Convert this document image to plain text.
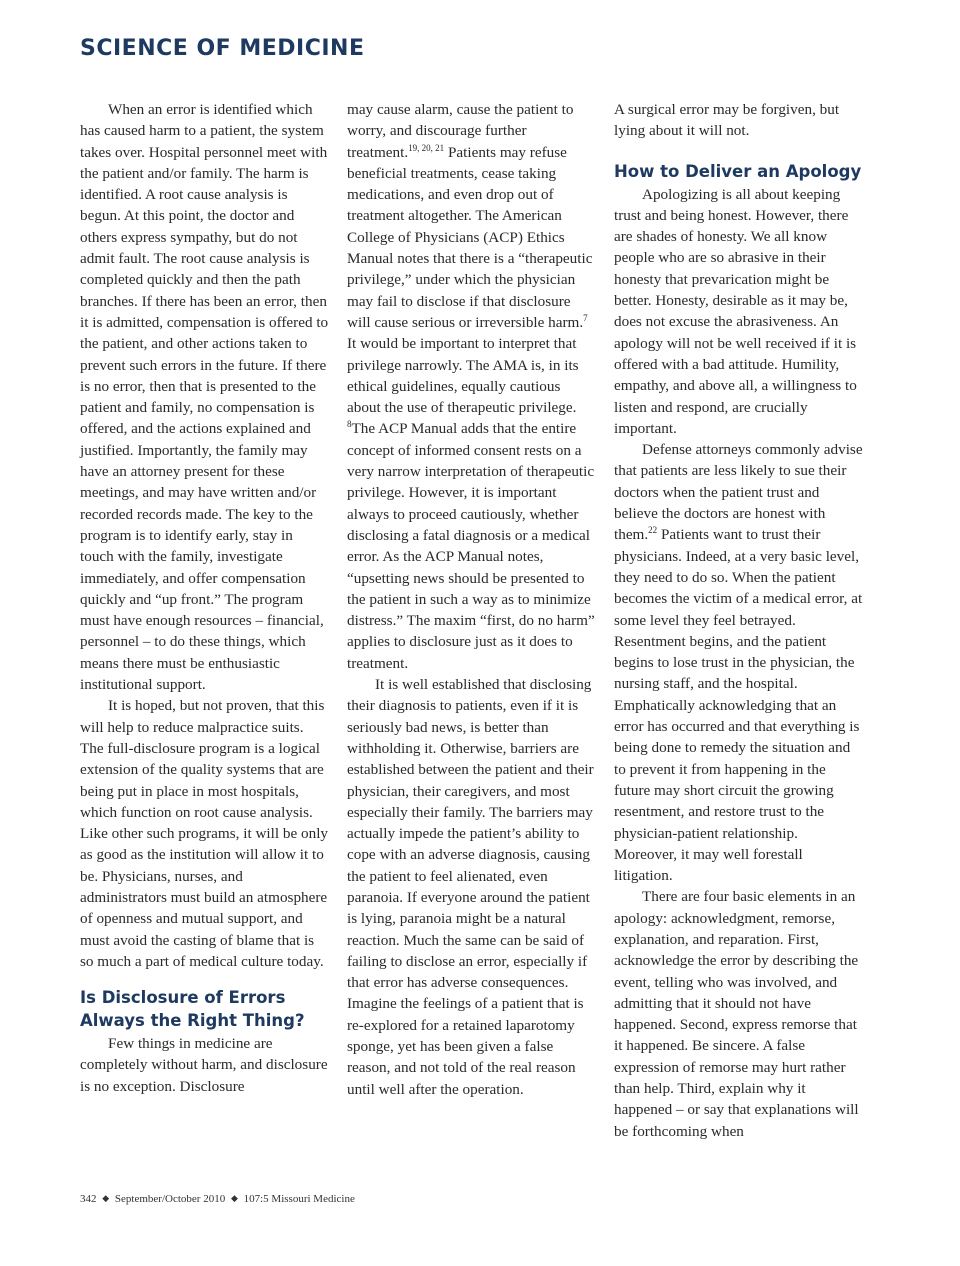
SCIENCE OF MEDICINE

When an error is identified which has caused harm to a patient, the system takes over. Hospital personnel meet with the patient and/or family. The harm is identified. A root cause analysis is begun. At this point, the doctor and others express sympathy, but do not admit fault. The root cause analysis is completed quickly and then the path branches. If there has been an error, then it is admitted, compensation is offered to the patient, and other actions taken to prevent such errors in the future. If there is no error, then that is presented to the patient and family, no compensation is offered, and the actions explained and justified. Importantly, the family may have an attorney present for these meetings, and may have written and/or recorded records made. The key to the program is to identify early, stay in touch with the family, investigate immediately, and offer compensation quickly and “up front.” The program must have enough resources – financial, personnel – to do these things, which means there must be enthusiastic institutional support.

It is hoped, but not proven, that this will help to reduce malpractice suits. The full-disclosure program is a logical extension of the quality systems that are being put in place in most hospitals, which function on root cause analysis. Like other such programs, it will be only as good as the institution will allow it to be. Physicians, nurses, and administrators must build an atmosphere of openness and mutual support, and must avoid the casting of blame that is so much a part of medical culture today.

Is Disclosure of Errors Always the Right Thing?

Few things in medicine are completely without harm, and disclosure is no exception. Disclosure

may cause alarm, cause the patient to worry, and discourage further treatment.$^{19, 20, 21}$ Patients may refuse beneficial treatments, cease taking medications, and even drop out of treatment altogether. The American College of Physicians (ACP) Ethics Manual notes that there is a “therapeutic privilege,” under which the physician may fail to disclose if that disclosure will cause serious or irreversible harm.$^7$ It would be important to interpret that privilege narrowly. The AMA is, in its ethical guidelines, equally cautious about the use of therapeutic privilege. $^8$The ACP Manual adds that the entire concept of informed consent rests on a very narrow interpretation of therapeutic privilege. However, it is important always to proceed cautiously, whether disclosing a fatal diagnosis or a medical error. As the ACP Manual notes, “upsetting news should be presented to the patient in such a way as to minimize distress.” The maxim “first, do no harm” applies to disclosure just as it does to treatment.

It is well established that disclosing their diagnosis to patients, even if it is seriously bad news, is better than withholding it. Otherwise, barriers are established between the patient and their physician, their caregivers, and most especially their family. The barriers may actually impede the patient’s ability to cope with an adverse diagnosis, causing the patient to feel alienated, even paranoia. If everyone around the patient is lying, paranoia might be a natural reaction. Much the same can be said of failing to disclose an error, especially if that error has adverse consequences. Imagine the feelings of a patient that is re-explored for a retained laparotomy sponge, yet has been given a false reason, and not told of the real reason until well after the operation.

A surgical error may be forgiven, but lying about it will not.

How to Deliver an Apology

Apologizing is all about keeping trust and being honest. However, there are shades of honesty. We all know people who are so abrasive in their honesty that prevarication might be better. Honesty, desirable as it may be, does not excuse the abrasiveness. An apology will not be well received if it is offered with a bad attitude. Humility, empathy, and above all, a willingness to listen and respond, are crucially important.

Defense attorneys commonly advise that patients are less likely to sue their doctors when the patient trust and believe the doctors are honest with them.$^{22}$ Patients want to trust their physicians. Indeed, at a very basic level, they need to do so. When the patient becomes the victim of a medical error, at some level they feel betrayed. Resentment begins, and the patient begins to lose trust in the physician, the nursing staff, and the hospital. Emphatically acknowledging that an error has occurred and that everything is being done to remedy the situation and to prevent it from happening in the future may short circuit the growing resentment, and restore trust to the physician-patient relationship. Moreover, it may well forestall litigation.

There are four basic elements in an apology: acknowledgment, remorse, explanation, and reparation. First, acknowledge the error by describing the event, telling who was involved, and admitting that it should not have happened. Second, express remorse that it happened. Be sincere. A false expression of remorse may hurt rather than help. Third, explain why it happened – or say that explanations will be forthcoming when

342 ◆ September/October 2010 ◆ 107:5 Missouri Medicine
